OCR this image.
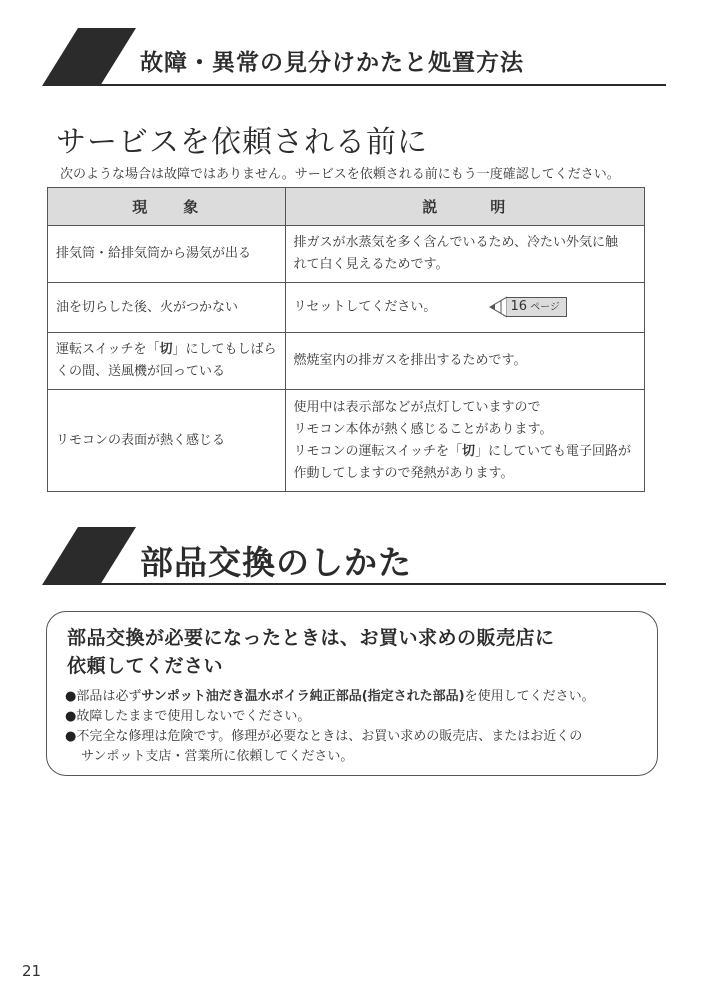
故障・異常の見分けかたと処置方法
サービスを依頼される前に
次のような場合は故障ではありません。サービスを依頼される前にもう一度確認してください。
現　　象	説　　　明
排気筒・給排気筒から湯気が出る	排ガスが水蒸気を多く含んでいるため、冷たい外気に触
れて白く見えるためです。

油を切らした後、火がつかない	リセットしてください。 16 ページ

運転スイッチを「切」にしてもしばら
くの間、送風機が回っている	燃焼室内の排ガスを排出するためです。
リモコンの表面が熱く感じる	使用中は表示部などが点灯していますので
リモコン本体が熱く感じることがあります。
リモコンの運転スイッチを「切」にしていても電子回路が
作動してしますので発熱があります。
部品交換のしかた
部品交換が必要になったときは、お買い求めの販売店に
依頼してください
●部品は必ずサンポット油だき温水ボイラ純正部品(指定された部品)を使用してください。
●故障したままで使用しないでください。
●不完全な修理は危険です。修理が必要なときは、お買い求めの販売店、またはお近くの
サンポット支店・営業所に依頼してください。
21
